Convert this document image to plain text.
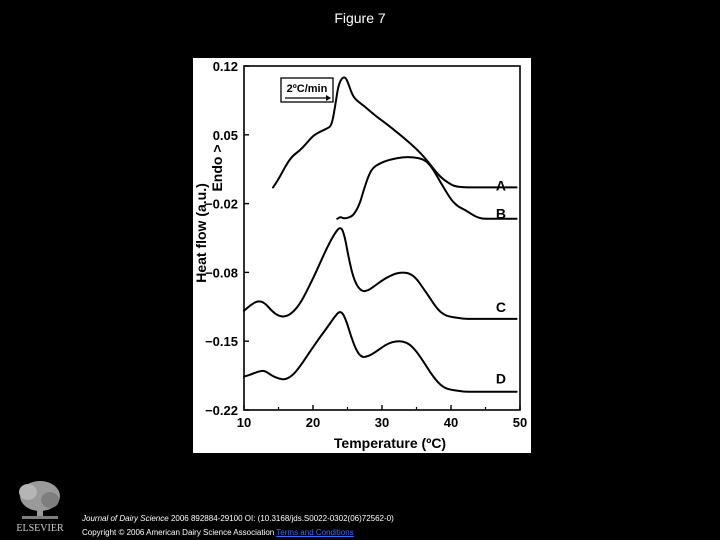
Figure 7
0.12
0.05
−0.02
−0.08
−0.15
−0.22
10	20	30	40	50
Temperature (ºC)
Heat flow (a.u.)
Endo >
2ºC/min
A
B
C
D
ELSEVIER
Journal of Dairy Science 2006 892884-29100 OI: (10.3168/jds.S0022-0302(06)72562-0)
Copyright © 2006 American Dairy Science Association Terms and Conditions
